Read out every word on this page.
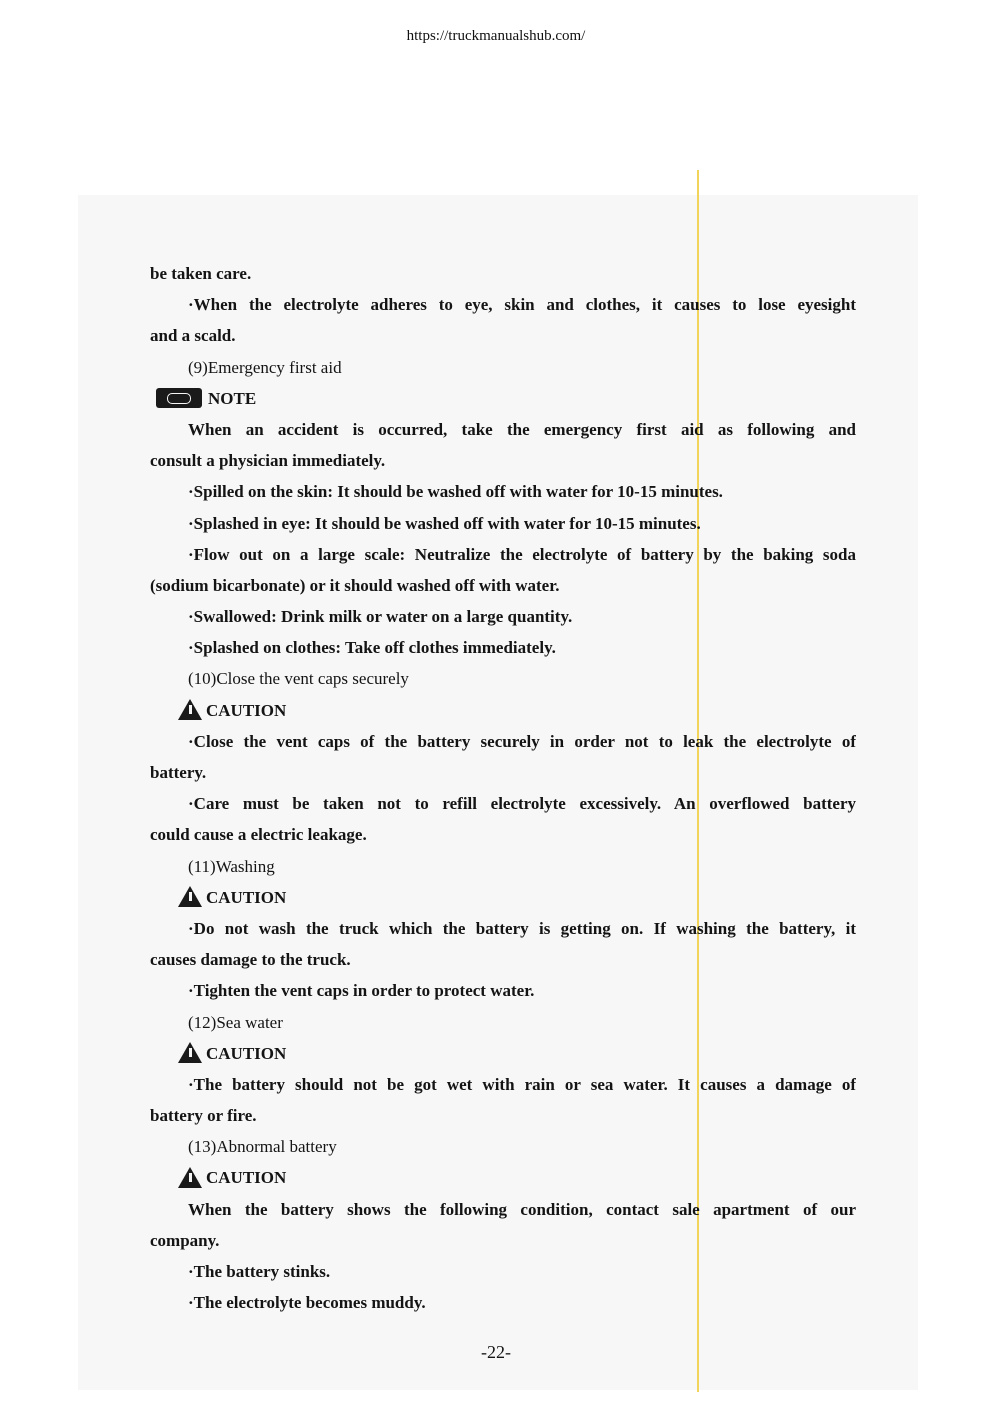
https://truckmanualshub.com/
be taken care.
·When the electrolyte adheres to eye, skin and clothes, it causes to lose eyesight
and a scald.
(9)Emergency first aid
NOTE
When an accident is occurred, take the emergency first aid as following and
consult a physician immediately.
·Spilled on the skin: It should be washed off with water for 10-15 minutes.
·Splashed in eye: It should be washed off with water for 10-15 minutes.
·Flow out on a large scale: Neutralize the electrolyte of battery by the baking soda
(sodium bicarbonate) or it should washed off with water.
·Swallowed: Drink milk or water on a large quantity.
·Splashed on clothes: Take off clothes immediately.
(10)Close the vent caps securely
CAUTION
·Close the vent caps of the battery securely in order not to leak the electrolyte of
battery.
·Care must be taken not to refill electrolyte excessively. An overflowed battery
could cause a electric leakage.
(11)Washing
CAUTION
·Do not wash the truck which the battery is getting on. If washing the battery, it
causes damage to the truck.
·Tighten the vent caps in order to protect water.
(12)Sea water
CAUTION
·The battery should not be got wet with rain or sea water. It causes a damage of
battery or fire.
(13)Abnormal battery
CAUTION
When the battery shows the following condition, contact sale apartment of our
company.
·The battery stinks.
·The electrolyte becomes muddy.
-22-
